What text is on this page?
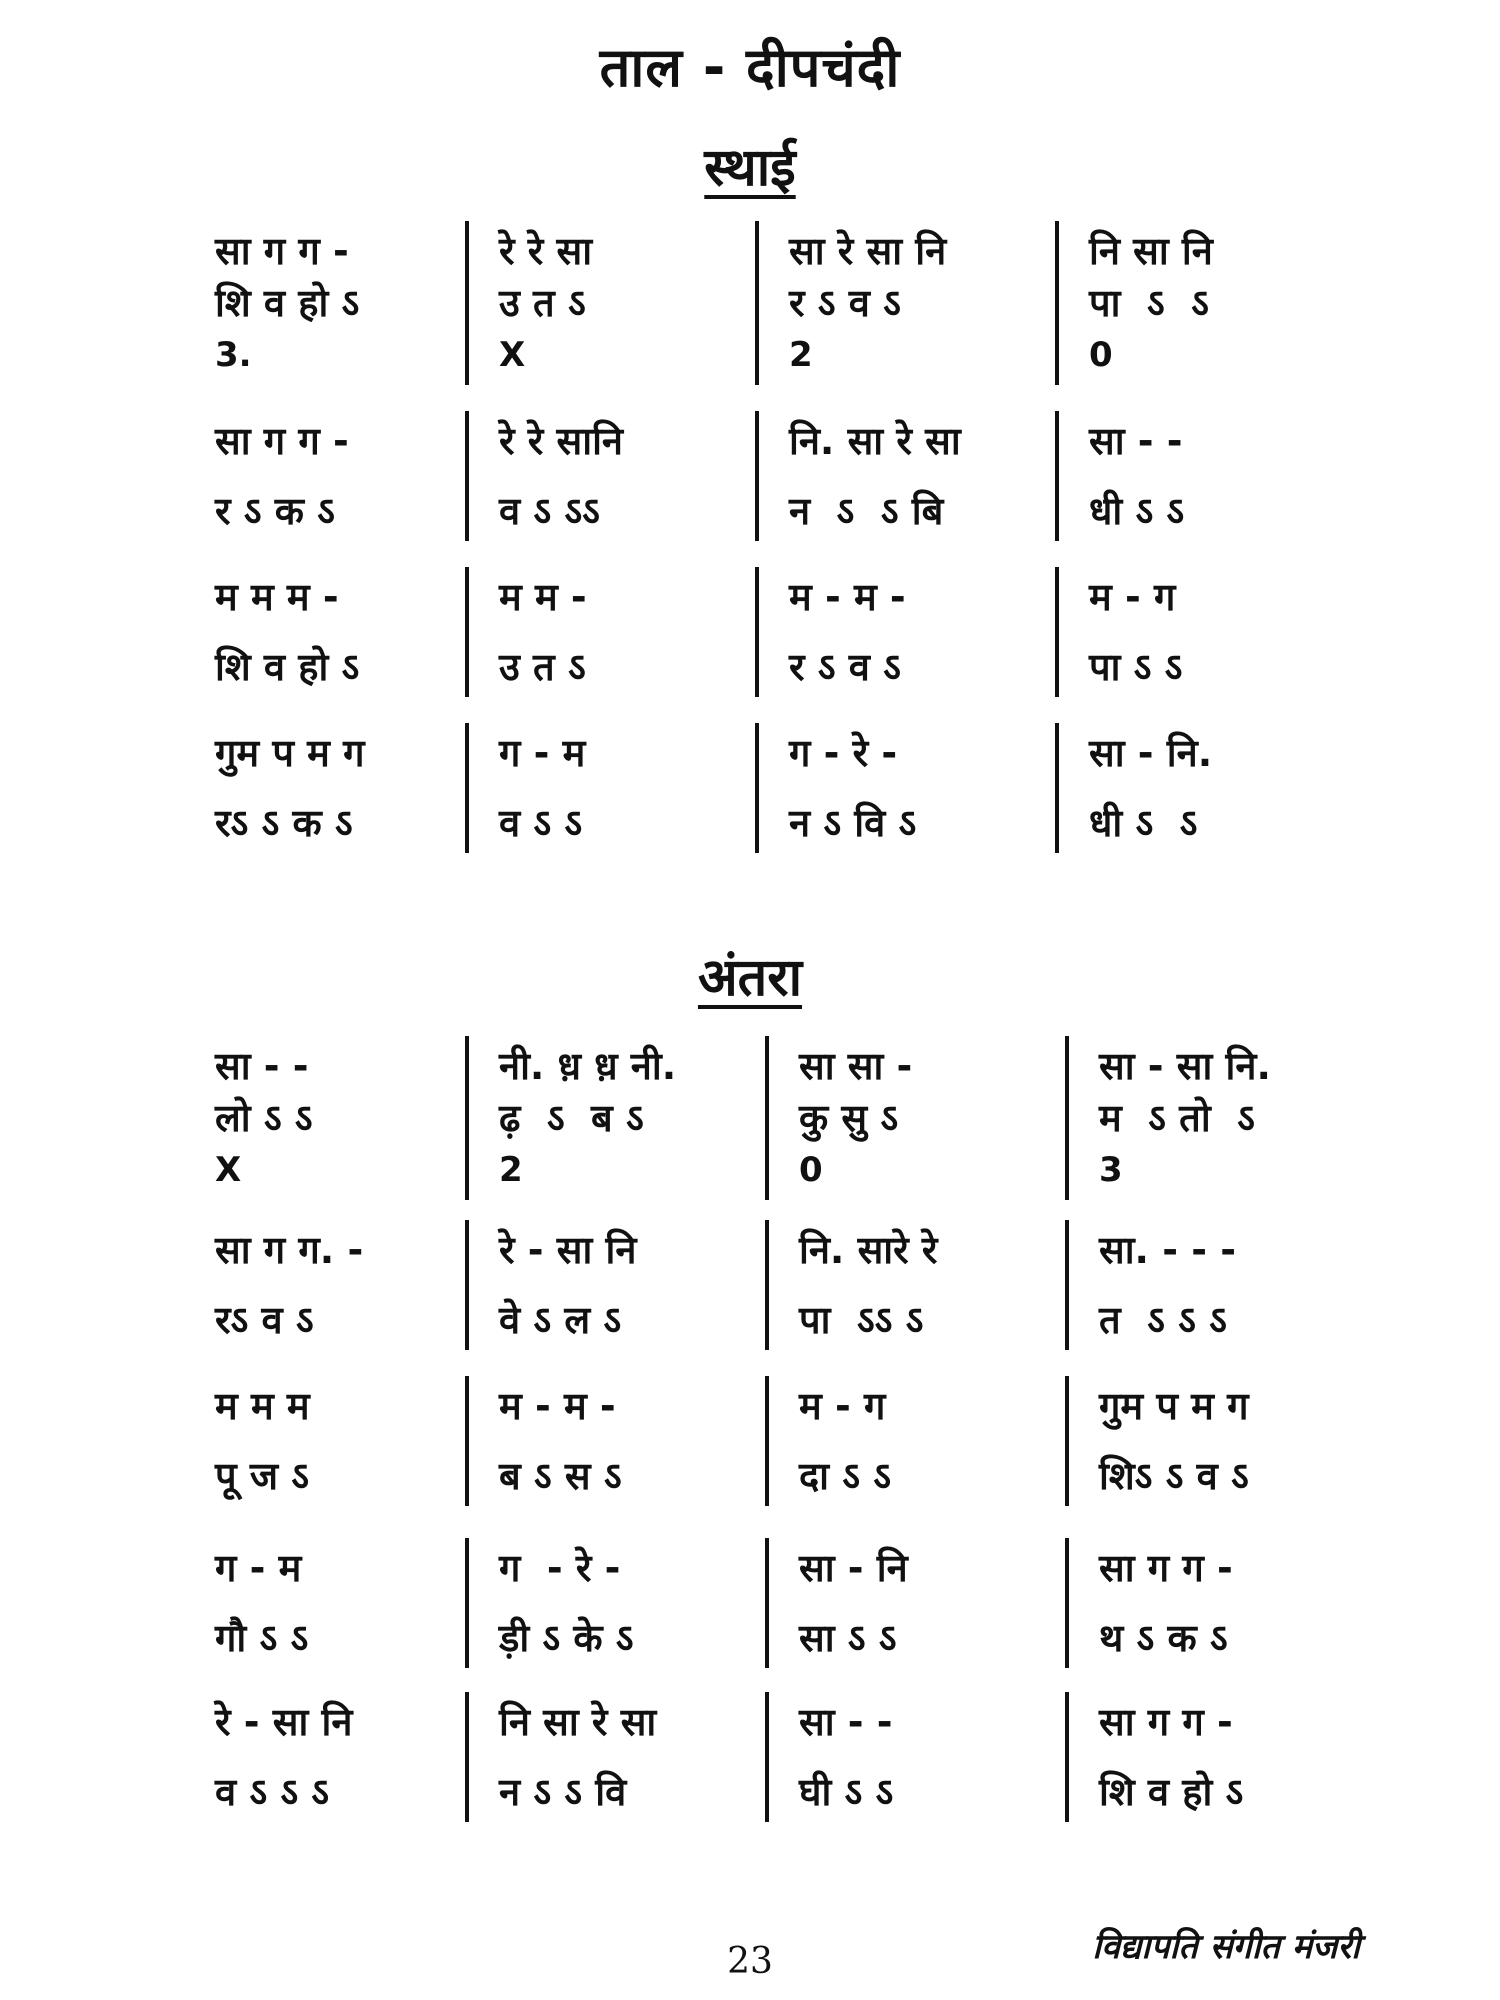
ताल - दीपचंदी
स्थाई
सा ग ग -
शि व हो ऽ
3.
रे रे सा
उ त ऽ
X
सा रे सा नि
र ऽ व ऽ
2
नि सा नि
पा  ऽ  ऽ
0
सा ग ग -
र ऽ क ऽ
रे रे सानि
व ऽ ऽऽ
नि. सा रे सा
न  ऽ  ऽ बि
सा - -
धी ऽ ऽ
म म म -
शि व हो ऽ
म म -
उ त ऽ
म - म -
र ऽ व ऽ
म - ग
पा ऽ ऽ
गुम प म ग
रऽ ऽ क ऽ
ग - म
व ऽ ऽ
ग - रे -
न ऽ वि ऽ
सा - नि.
धी ऽ  ऽ
अंतरा
सा - -
लो ऽ ऽ
X
नी. ध़ ध़ नी.
ढ़  ऽ  ब ऽ
2
सा सा -
कु सु ऽ
0
सा - सा नि.
म  ऽ तो  ऽ
3
सा ग ग. -
रऽ व ऽ
रे - सा नि
वे ऽ ल ऽ
नि. सारे रे
पा  ऽऽ ऽ
सा. - - -
त  ऽ ऽ ऽ
म म म
पू ज ऽ
म - म -
ब ऽ स ऽ
म - ग
दा ऽ ऽ
गुम प म ग
शिऽ ऽ व ऽ
ग - म
गौ ऽ ऽ
ग  - रे -
ड़ी ऽ के ऽ
सा - नि
सा ऽ ऽ
सा ग ग -
थ ऽ क ऽ
रे - सा नि
व ऽ ऽ ऽ
नि सा रे सा
न ऽ ऽ वि
सा - -
घी ऽ ऽ
सा ग ग -
शि व हो ऽ
23	विद्यापति संगीत मंजरी
